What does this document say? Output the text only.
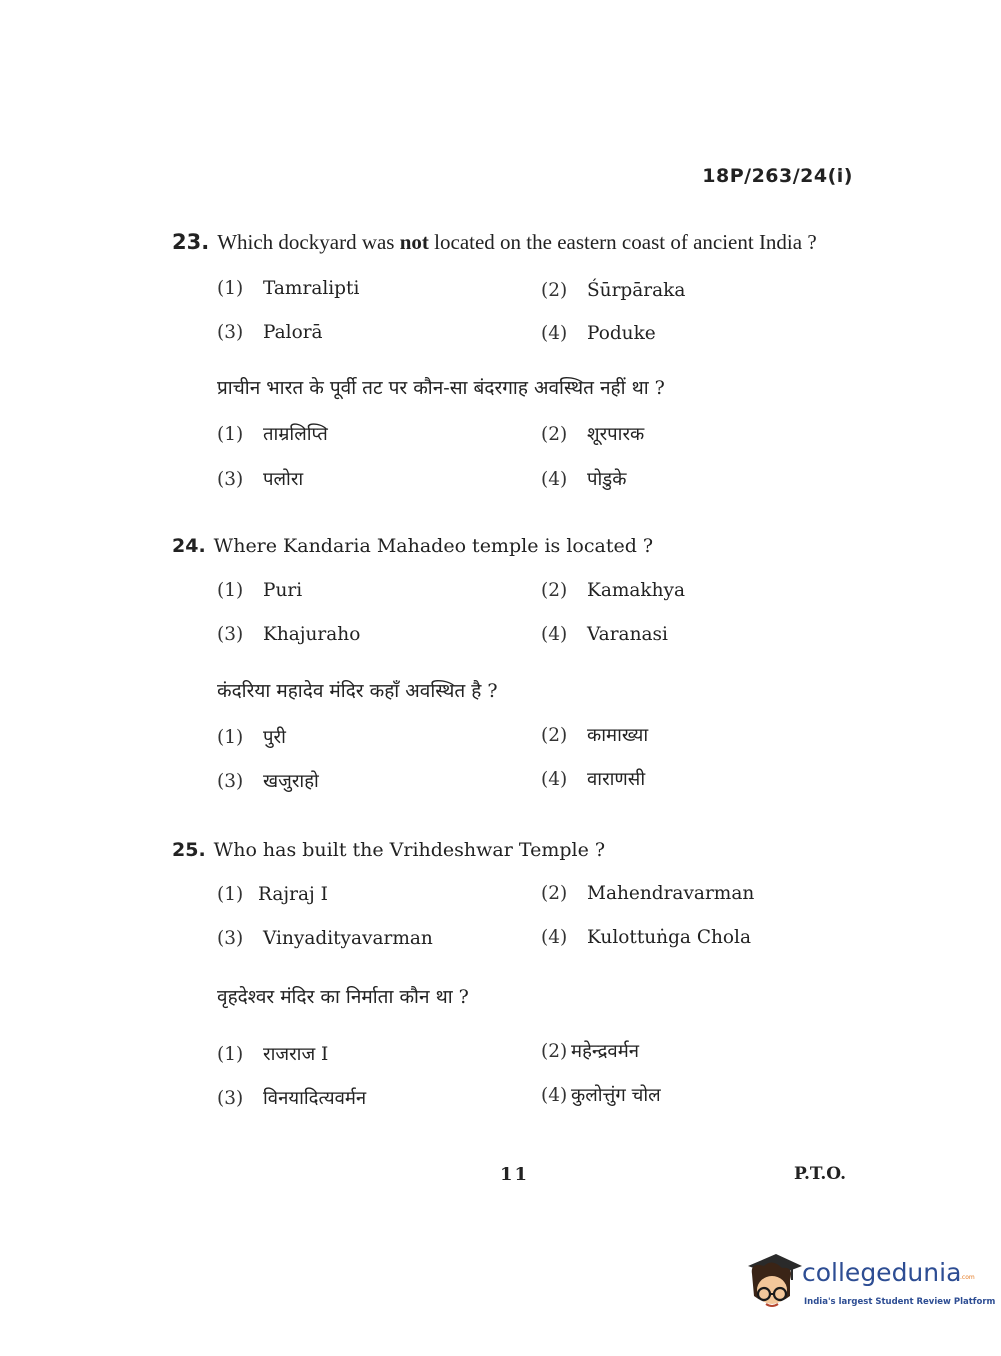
18P/263/24(i)
23. Which dockyard was not located on the eastern coast of ancient India ?
(1) Tamralipti	(2) Śūrpāraka
(3) Palorā	(4) Poduke
प्राचीन भारत के पूर्वी तट पर कौन-सा बंदरगाह अवस्थित नहीं था ?
(1) ताम्रलिप्ति	(2) शूरपारक
(3) पलोरा	(4) पोडुके
24. Where Kandaria Mahadeo temple is located ?
(1) Puri	(2) Kamakhya
(3) Khajuraho	(4) Varanasi
कंदरिया महादेव मंदिर कहाँ अवस्थित है ?
(1) पुरी	(2) कामाख्या
(3) खजुराहो	(4) वाराणसी
25. Who has built the Vrihdeshwar Temple ?
(1) Rajraj I	(2) Mahendravarman
(3) Vinyadityavarman	(4) Kulottuṅga Chola
वृहदेश्वर मंदिर का निर्माता कौन था ?
(1) राजराज I	(2) महेन्द्रवर्मन
(3) विनयादित्यवर्मन	(4) कुलोत्तुंग चोल
11	P.T.O.
collegedunia
.com
India's largest Student Review Platform
